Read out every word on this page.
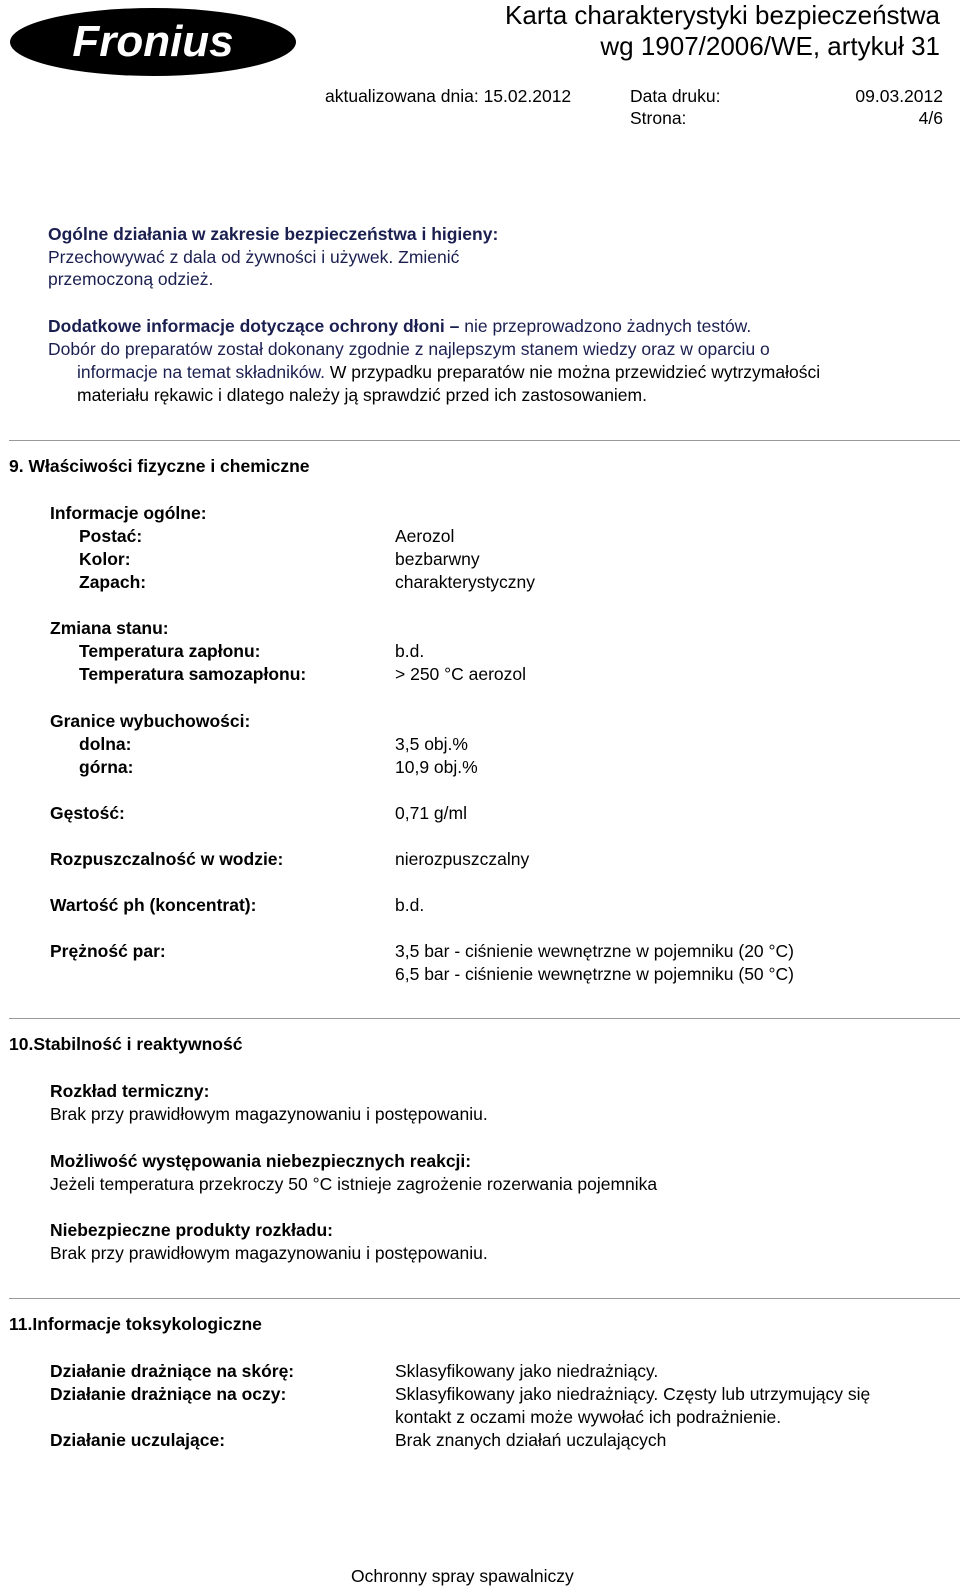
Fronius
Karta charakterystyki bezpieczeństwa
wg 1907/2006/WE, artykuł 31
aktualizowana dnia: 15.02.2012	Data druku:	09.03.2012
Strona:	4/6
Ogólne działania w zakresie bezpieczeństwa i higieny:
Przechowywać z dala od żywności i używek. Zmienić
przemoczoną odzież.
Dodatkowe informacje dotyczące ochrony dłoni – nie przeprowadzono żadnych testów.
Dobór do preparatów został dokonany zgodnie z najlepszym stanem wiedzy oraz w oparciu o
informacje na temat składników. W przypadku preparatów nie można przewidzieć wytrzymałości
materiału rękawic i dlatego należy ją sprawdzić przed ich zastosowaniem.
9. Właściwości fizyczne i chemiczne
Informacje ogólne:
Postać:	Aerozol
Kolor:	bezbarwny
Zapach:	charakterystyczny
Zmiana stanu:
Temperatura zapłonu:	b.d.
Temperatura samozapłonu:	> 250 °C aerozol
Granice wybuchowości:
dolna:	3,5 obj.%
górna:	10,9 obj.%
Gęstość:	0,71 g/ml
Rozpuszczalność w wodzie:	nierozpuszczalny
Wartość ph (koncentrat):	b.d.
Prężność par:	3,5 bar - ciśnienie wewnętrzne w pojemniku (20 °C)
6,5 bar - ciśnienie wewnętrzne w pojemniku (50 °C)
10.Stabilność i reaktywność
Rozkład termiczny:
Brak przy prawidłowym magazynowaniu i postępowaniu.
Możliwość występowania niebezpiecznych reakcji:
Jeżeli temperatura przekroczy 50 °C istnieje zagrożenie rozerwania pojemnika
Niebezpieczne produkty rozkładu:
Brak przy prawidłowym magazynowaniu i postępowaniu.
11.Informacje toksykologiczne
Działanie drażniące na skórę:	Sklasyfikowany jako niedrażniący.
Działanie drażniące na oczy:	Sklasyfikowany jako niedrażniący. Częsty lub utrzymujący się
kontakt z oczami może wywołać ich podrażnienie.
Działanie uczulające:	Brak znanych działań uczulających
Ochronny spray spawalniczy
